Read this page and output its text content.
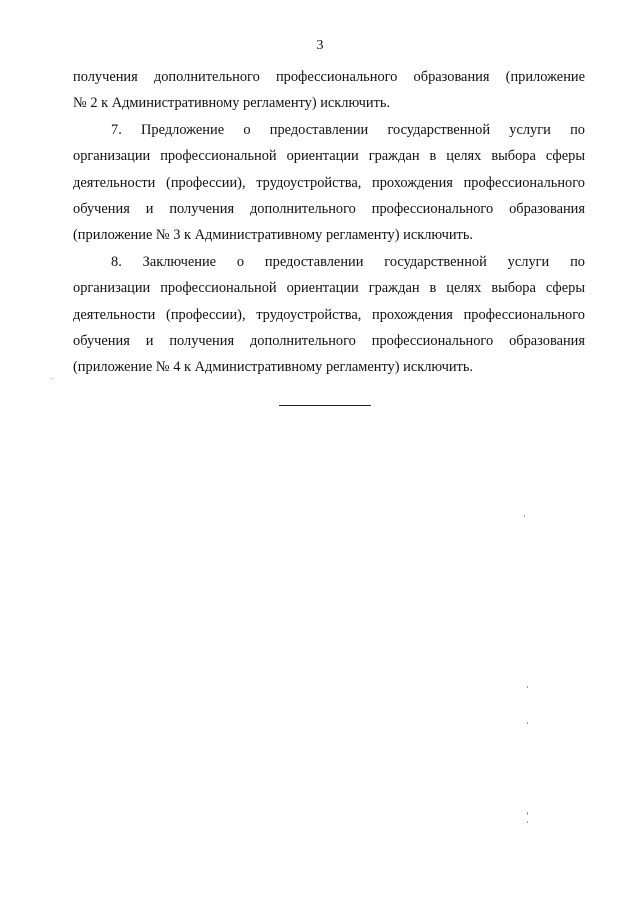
3

получения дополнительного профессионального образования (приложение
№ 2 к Административному регламенту) исключить.

7. Предложение о предоставлении государственной услуги по
организации профессиональной ориентации граждан в целях выбора сферы
деятельности (профессии), трудоустройства, прохождения профессионального
обучения и получения дополнительного профессионального образования
(приложение № 3 к Административному регламенту) исключить.

8. Заключение о предоставлении государственной услуги по
организации профессиональной ориентации граждан в целях выбора сферы
деятельности (профессии), трудоустройства, прохождения профессионального
обучения и получения дополнительного профессионального образования
(приложение № 4 к Административному регламенту) исключить.
